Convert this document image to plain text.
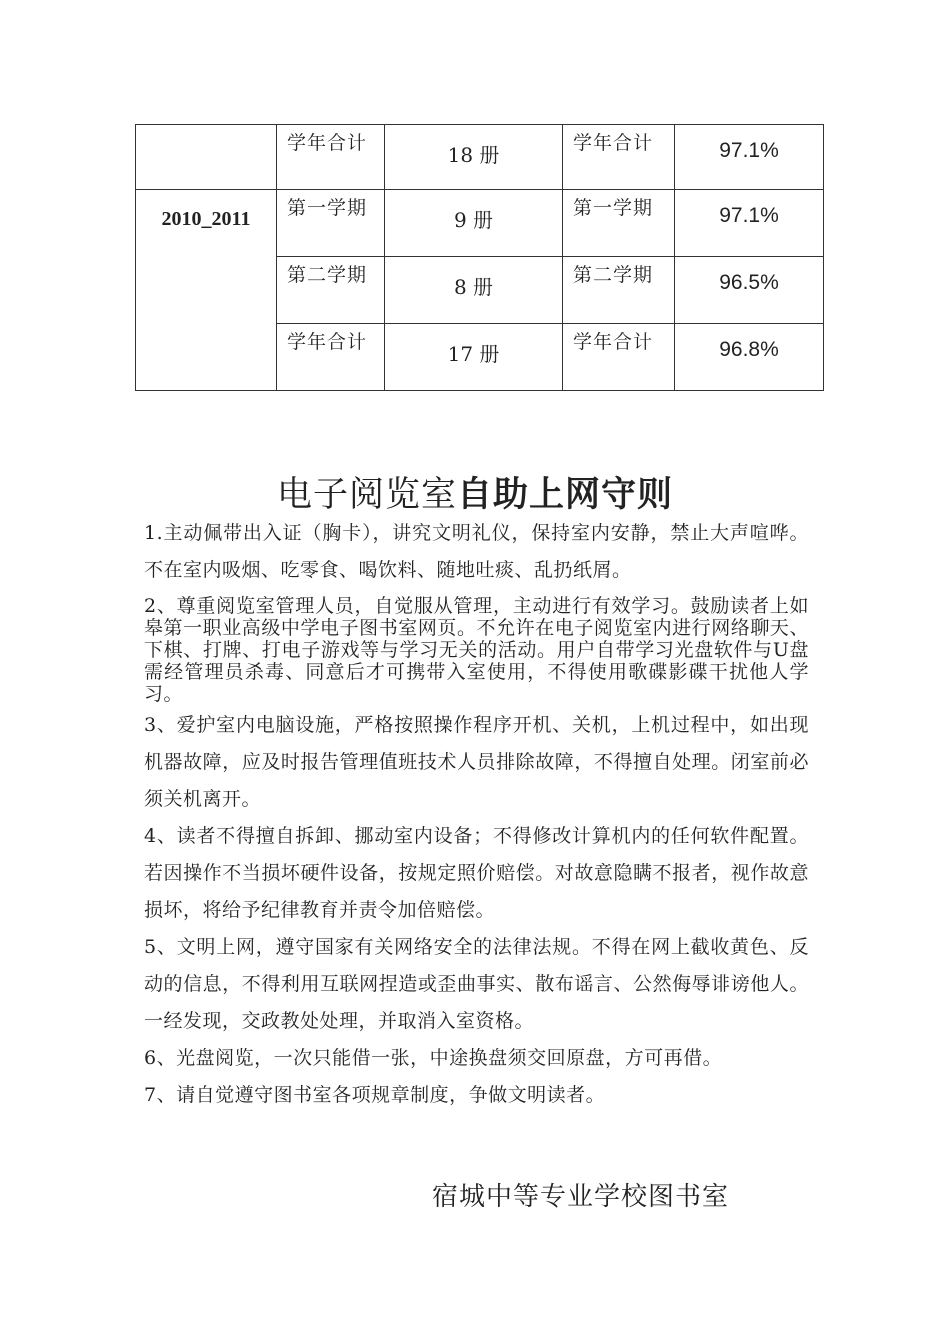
	学年合计	18 册	学年合计	97.1%

2010_2011	第一学期	9 册	第一学期	97.1%

	第二学期	8 册	第二学期	96.5%

	学年合计	17 册	学年合计	96.8%
电子阅览室自助上网守则

1.主动佩带出入证（胸卡），讲究文明礼仪，保持室内安静，禁止大声喧哗。不在室内吸烟、吃零食、喝饮料、随地吐痰、乱扔纸屑。

2、尊重阅览室管理人员，自觉服从管理，主动进行有效学习。鼓励读者上如皋第一职业高级中学电子图书室网页。不允许在电子阅览室内进行网络聊天、下棋、打牌、打电子游戏等与学习无关的活动。用户自带学习光盘软件与U盘需经管理员杀毒、同意后才可携带入室使用，不得使用歌碟影碟干扰他人学习。

3、爱护室内电脑设施，严格按照操作程序开机、关机，上机过程中，如出现机器故障，应及时报告管理值班技术人员排除故障，不得擅自处理。闭室前必须关机离开。

4、读者不得擅自拆卸、挪动室内设备；不得修改计算机内的任何软件配置。若因操作不当损坏硬件设备，按规定照价赔偿。对故意隐瞒不报者，视作故意损坏，将给予纪律教育并责令加倍赔偿。

5、文明上网，遵守国家有关网络安全的法律法规。不得在网上截收黄色、反动的信息，不得利用互联网捏造或歪曲事实、散布谣言、公然侮辱诽谤他人。一经发现，交政教处处理，并取消入室资格。

6、光盘阅览，一次只能借一张，中途换盘须交回原盘，方可再借。

7、请自觉遵守图书室各项规章制度，争做文明读者。

宿城中等专业学校图书室
